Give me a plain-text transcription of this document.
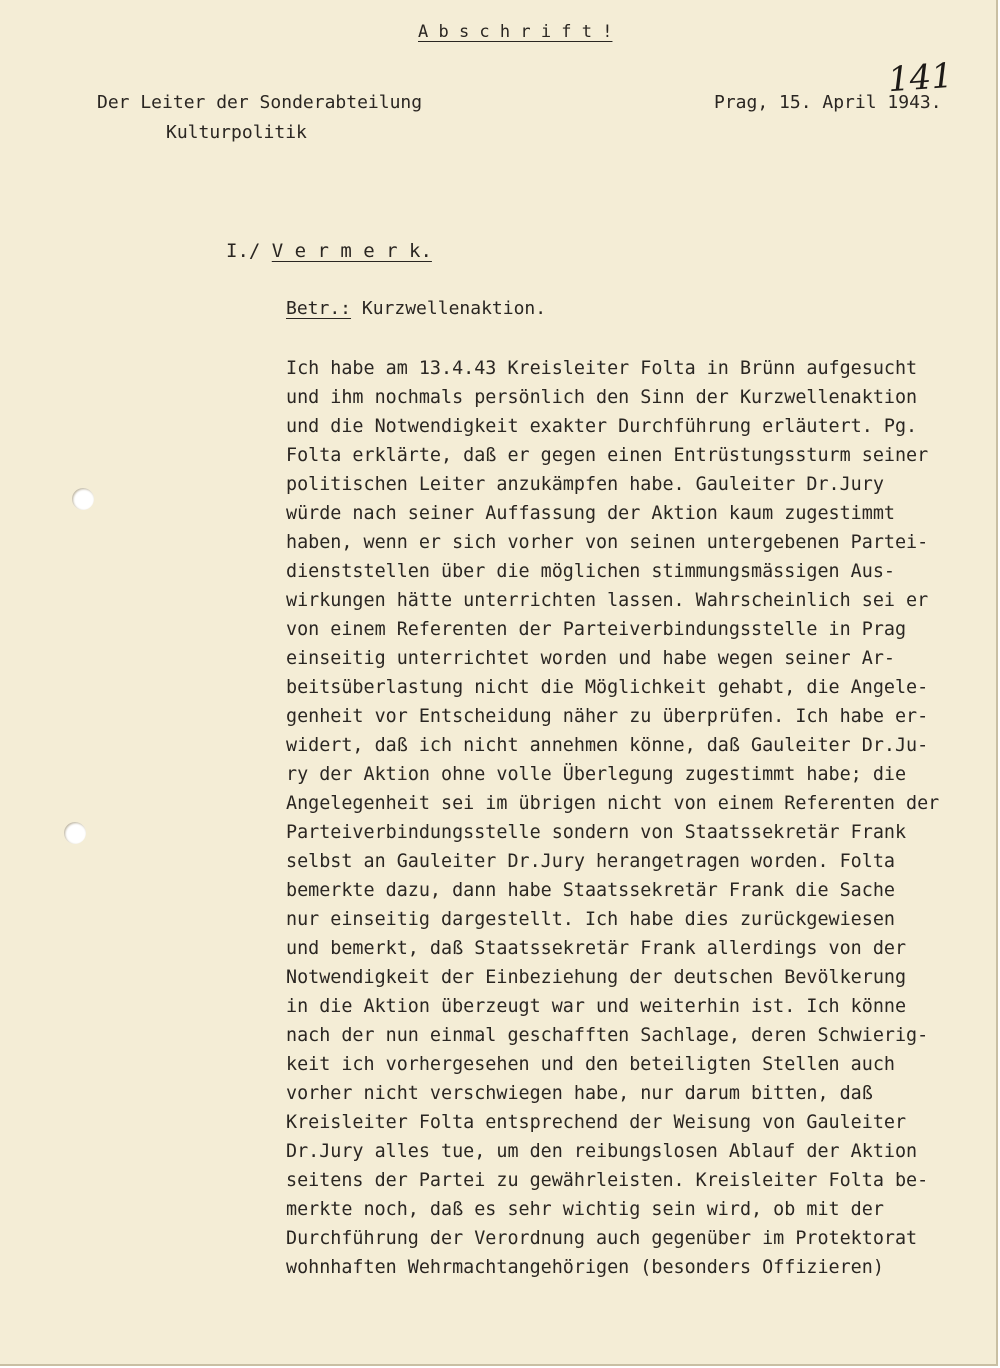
A b s c h r i f t !
Der Leiter der Sonderabteilung
Kulturpolitik
Prag, 15. April 1943.
141
I./ V e r m e r k.
Betr.: Kurzwellenaktion.
Ich habe am 13.4.43 Kreisleiter Folta in Brünn aufgesucht
und ihm nochmals persönlich den Sinn der Kurzwellenaktion
und die Notwendigkeit exakter Durchführung erläutert. Pg.
Folta erklärte, daß er gegen einen Entrüstungssturm seiner
politischen Leiter anzukämpfen habe. Gauleiter Dr.Jury
würde nach seiner Auffassung der Aktion kaum zugestimmt
haben, wenn er sich vorher von seinen untergebenen Partei-
dienststellen über die möglichen stimmungsmässigen Aus-
wirkungen hätte unterrichten lassen. Wahrscheinlich sei er
von einem Referenten der Parteiverbindungsstelle in Prag
einseitig unterrichtet worden und habe wegen seiner Ar-
beitsüberlastung nicht die Möglichkeit gehabt, die Angele-
genheit vor Entscheidung näher zu überprüfen. Ich habe er-
widert, daß ich nicht annehmen könne, daß Gauleiter Dr.Ju-
ry der Aktion ohne volle Überlegung zugestimmt habe; die
Angelegenheit sei im übrigen nicht von einem Referenten der
Parteiverbindungsstelle sondern von Staatssekretär Frank
selbst an Gauleiter Dr.Jury herangetragen worden. Folta
bemerkte dazu, dann habe Staatssekretär Frank die Sache
nur einseitig dargestellt. Ich habe dies zurückgewiesen
und bemerkt, daß Staatssekretär Frank allerdings von der
Notwendigkeit der Einbeziehung der deutschen Bevölkerung
in die Aktion überzeugt war und weiterhin ist. Ich könne
nach der nun einmal geschafften Sachlage, deren Schwierig-
keit ich vorhergesehen und den beteiligten Stellen auch
vorher nicht verschwiegen habe, nur darum bitten, daß
Kreisleiter Folta entsprechend der Weisung von Gauleiter
Dr.Jury alles tue, um den reibungslosen Ablauf der Aktion
seitens der Partei zu gewährleisten. Kreisleiter Folta be-
merkte noch, daß es sehr wichtig sein wird, ob mit der
Durchführung der Verordnung auch gegenüber im Protektorat
wohnhaften Wehrmachtangehörigen (besonders Offizieren)
